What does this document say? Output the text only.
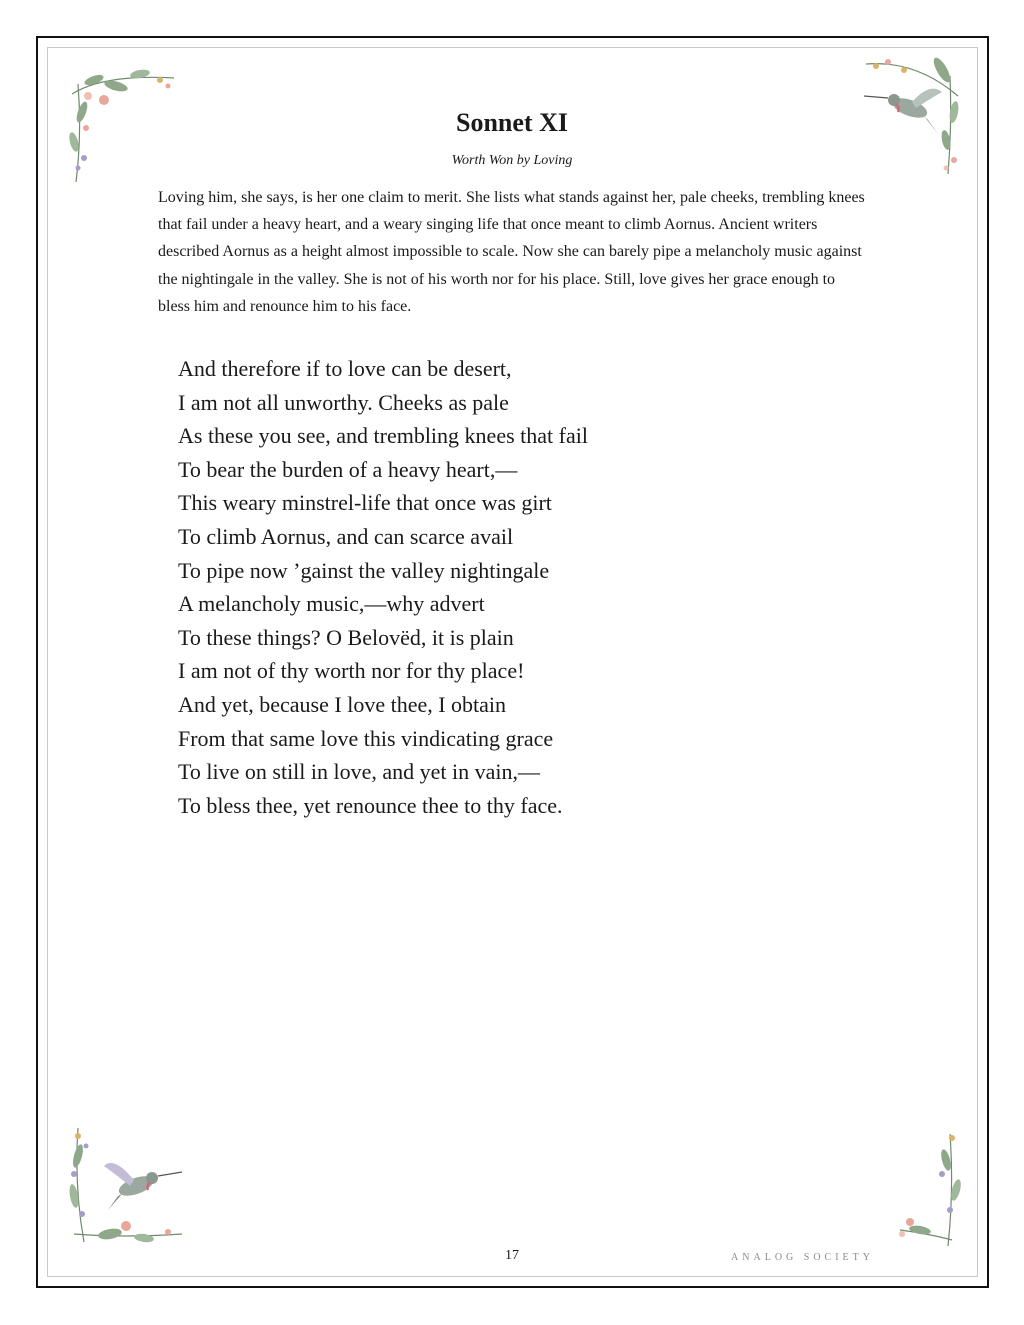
Sonnet XI

Worth Won by Loving

Loving him, she says, is her one claim to merit. She lists what stands against her, pale cheeks, trembling knees that fail under a heavy heart, and a weary singing life that once meant to climb Aornus. Ancient writers described Aornus as a height almost impossible to scale. Now she can barely pipe a melancholy music against the nightingale in the valley. She is not of his worth nor for his place. Still, love gives her grace enough to bless him and renounce him to his face.

And therefore if to love can be desert,
I am not all unworthy. Cheeks as pale
As these you see, and trembling knees that fail
To bear the burden of a heavy heart,—
This weary minstrel-life that once was girt
To climb Aornus, and can scarce avail
To pipe now ’gainst the valley nightingale
A melancholy music,—why advert
To these things? O Belovëd, it is plain
I am not of thy worth nor for thy place!
And yet, because I love thee, I obtain
From that same love this vindicating grace
To live on still in love, and yet in vain,—
To bless thee, yet renounce thee to thy face.
17	ANALOG SOCIETY
